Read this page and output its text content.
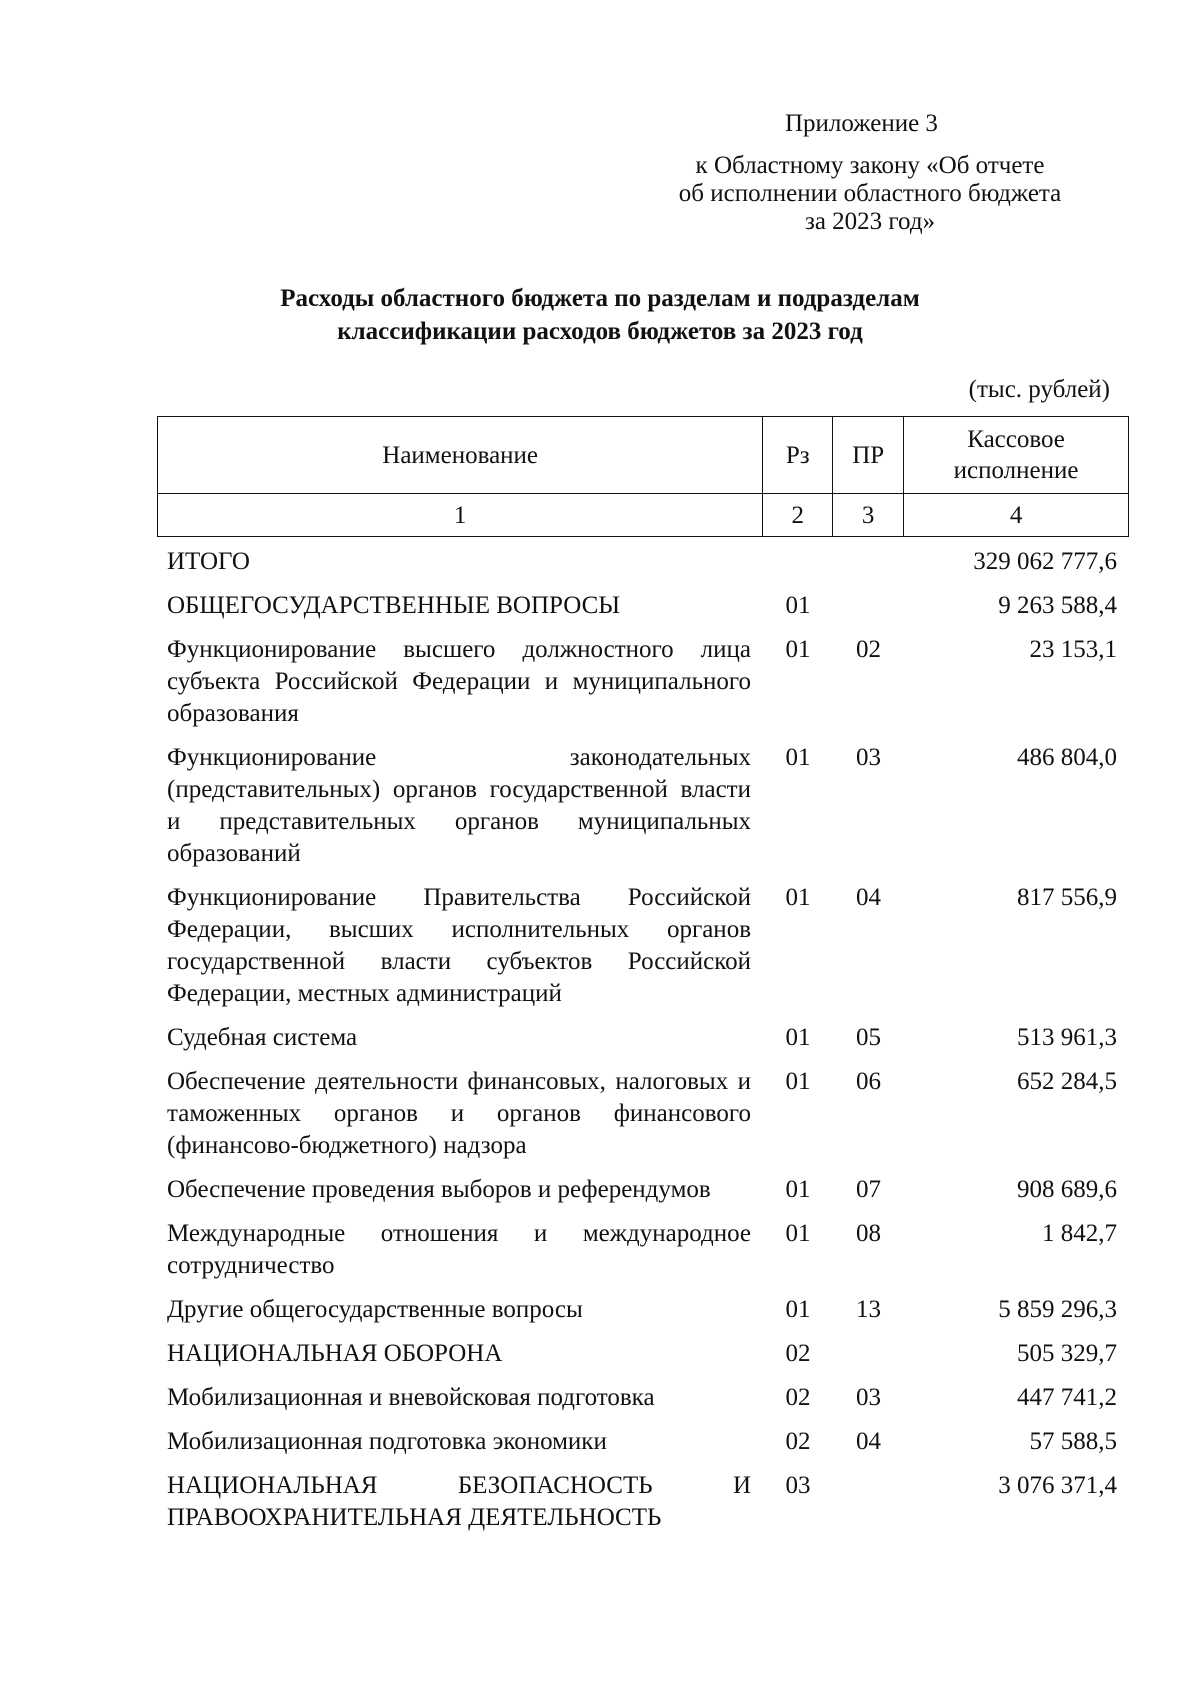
Приложение 3
к Областному закону «Об отчете
об исполнении областного бюджета
за 2023 год»
Расходы областного бюджета по разделам и подразделам
классификации расходов бюджетов за 2023 год
(тыс. рублей)
Наименование	Рз	ПР	Кассовое исполнение
1	2	3	4
ИТОГО			329 062 777,6
ОБЩЕГОСУДАРСТВЕННЫЕ ВОПРОСЫ	01		9 263 588,4
Функционирование высшего должностного лица субъекта Российской Федерации и муниципального образования	01	02	23 153,1
Функционирование законодательных (представительных) органов государственной власти и представительных органов муниципальных образований	01	03	486 804,0
Функционирование Правительства Российской Федерации, высших исполнительных органов государственной власти субъектов Российской Федерации, местных администраций	01	04	817 556,9
Судебная система	01	05	513 961,3
Обеспечение деятельности финансовых, налоговых и таможенных органов и органов финансового (финансово-бюджетного) надзора	01	06	652 284,5
Обеспечение проведения выборов и референдумов	01	07	908 689,6
Международные отношения и международное сотрудничество	01	08	1 842,7
Другие общегосударственные вопросы	01	13	5 859 296,3
НАЦИОНАЛЬНАЯ ОБОРОНА	02		505 329,7
Мобилизационная и вневойсковая подготовка	02	03	447 741,2
Мобилизационная подготовка экономики	02	04	57 588,5
НАЦИОНАЛЬНАЯ БЕЗОПАСНОСТЬ И ПРАВООХРАНИТЕЛЬНАЯ ДЕЯТЕЛЬНОСТЬ	03		3 076 371,4
